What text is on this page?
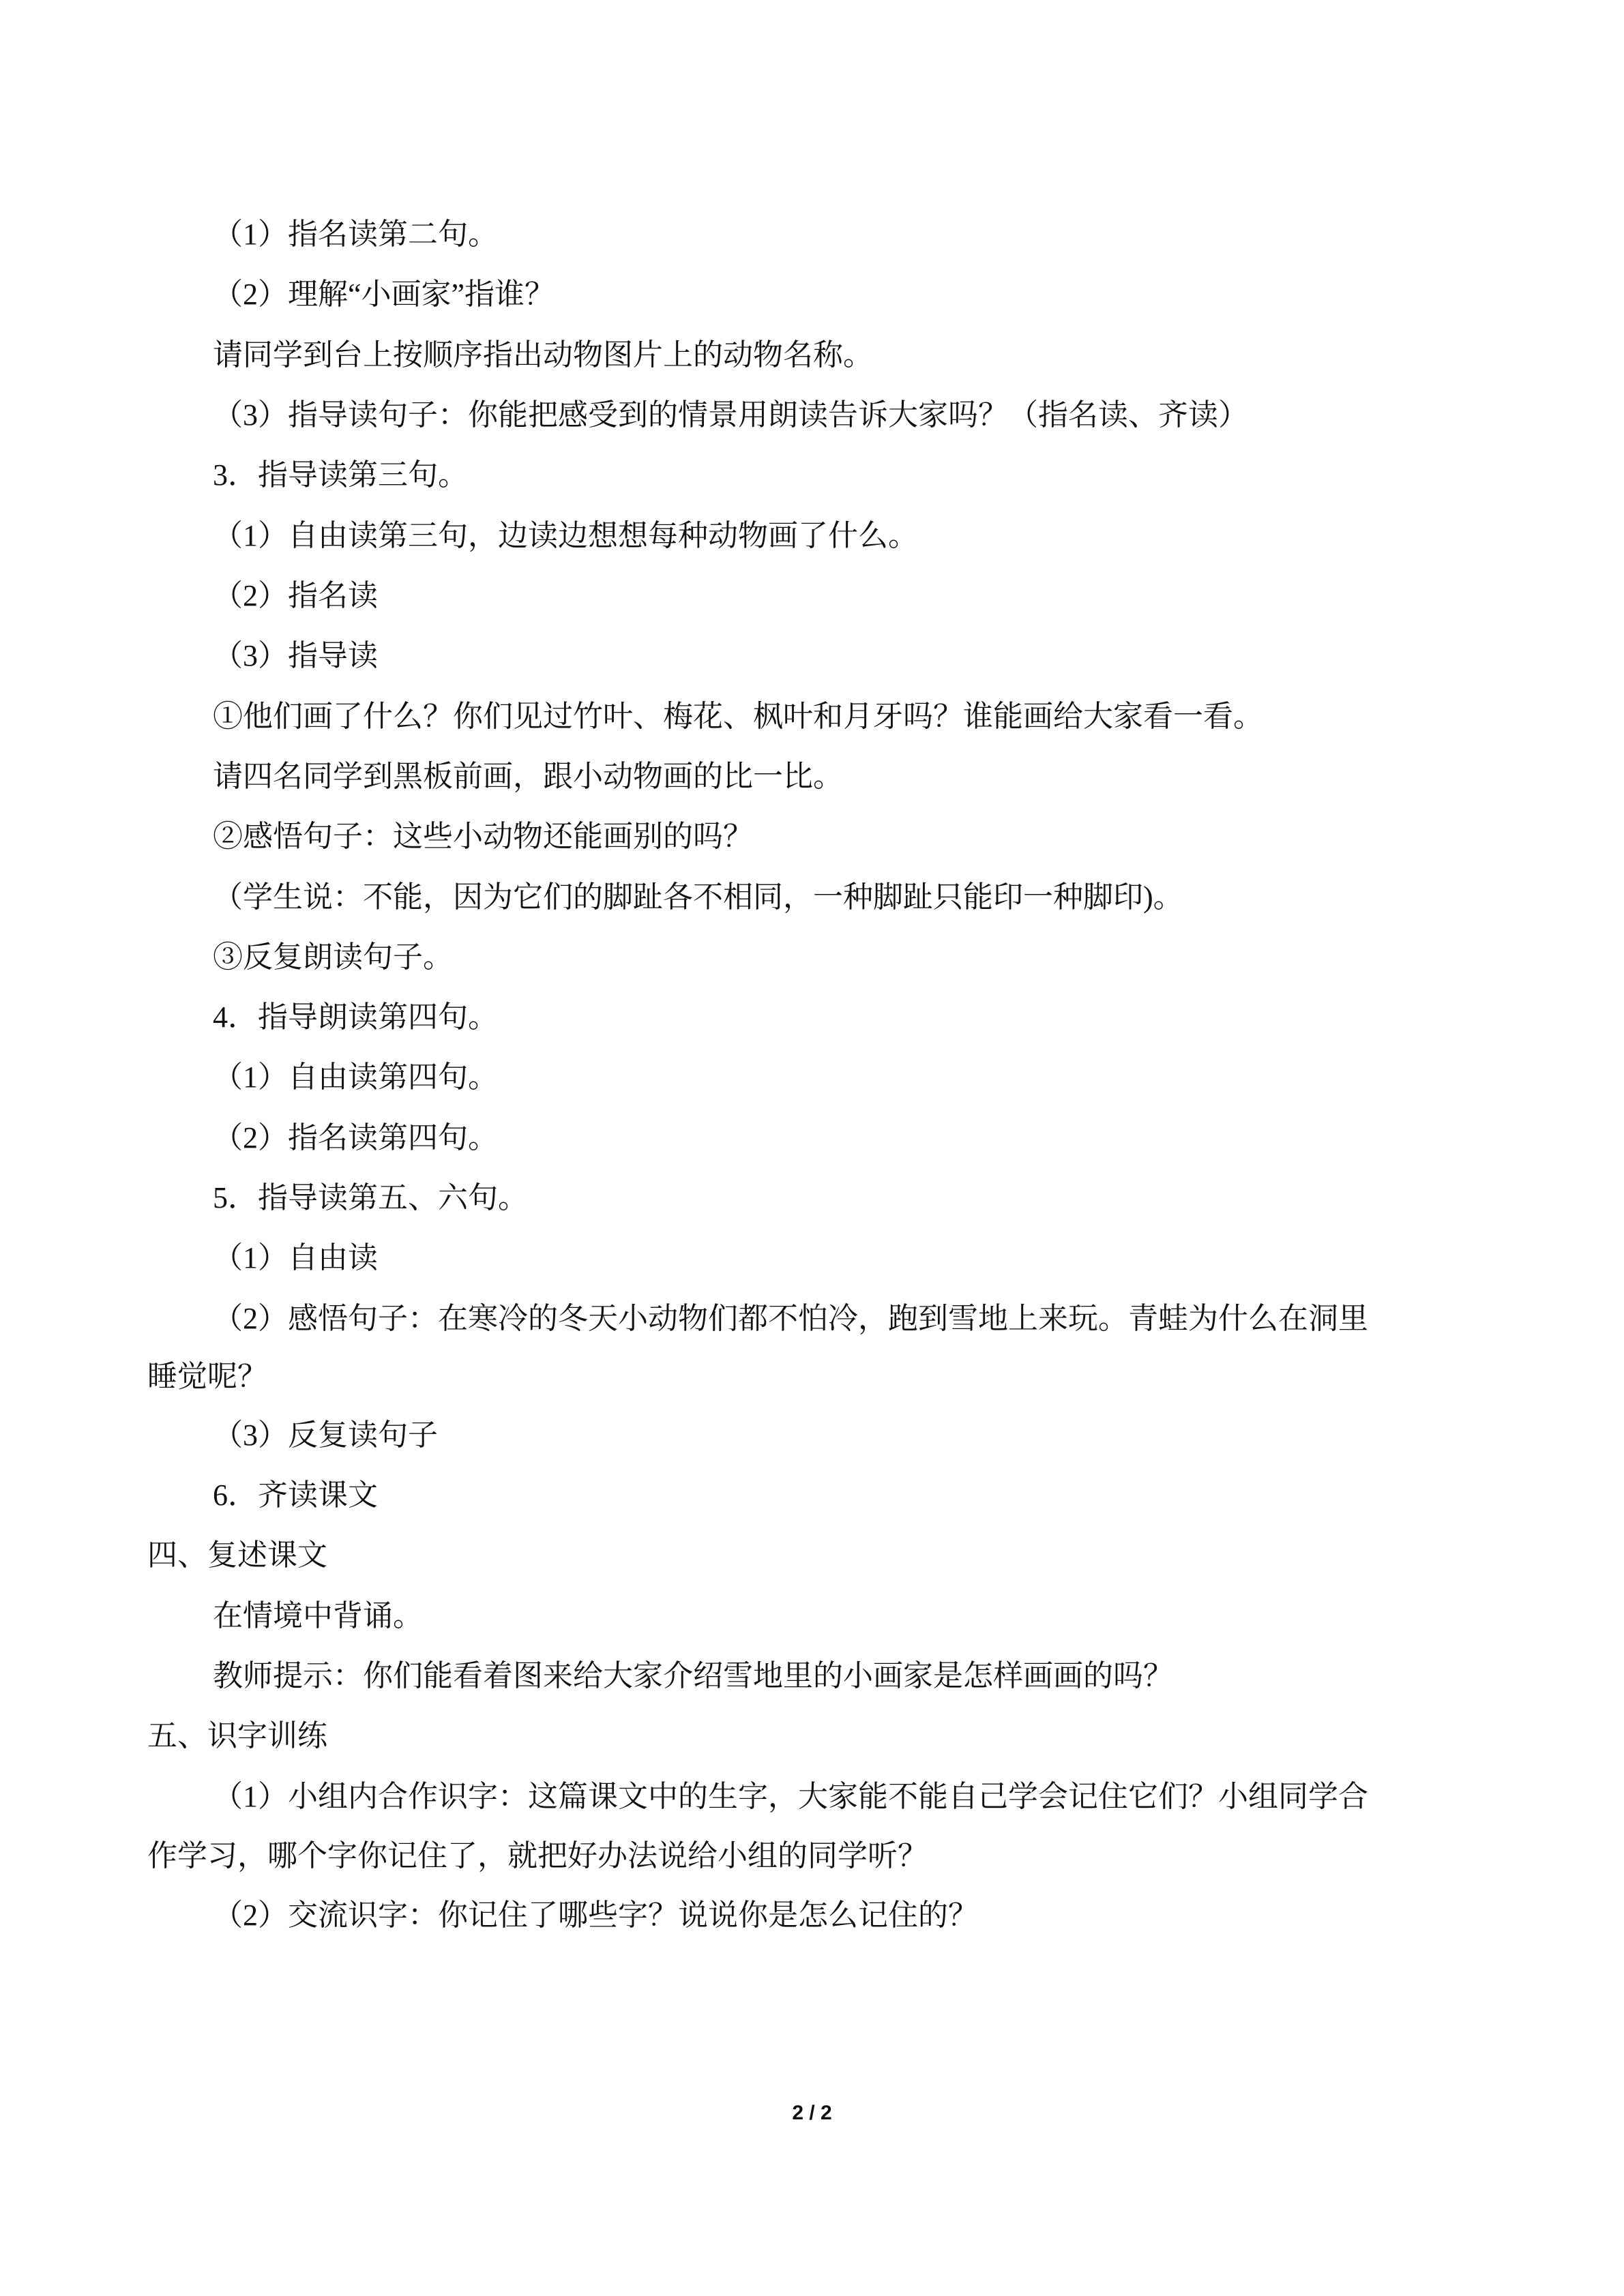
（1）指名读第二句。
（2）理解“小画家”指谁？
请同学到台上按顺序指出动物图片上的动物名称。
（3）指导读句子：你能把感受到的情景用朗读告诉大家吗？（指名读、齐读）
3．指导读第三句。
（1）自由读第三句，边读边想想每种动物画了什么。
（2）指名读
（3）指导读
①他们画了什么？你们见过竹叶、梅花、枫叶和月牙吗？谁能画给大家看一看。
请四名同学到黑板前画，跟小动物画的比一比。
②感悟句子：这些小动物还能画别的吗？
（学生说：不能，因为它们的脚趾各不相同，一种脚趾只能印一种脚印)。
③反复朗读句子。
4．指导朗读第四句。
（1）自由读第四句。
（2）指名读第四句。
5．指导读第五、六句。
（1）自由读
（2）感悟句子：在寒冷的冬天小动物们都不怕冷，跑到雪地上来玩。青蛙为什么在洞里
睡觉呢？
（3）反复读句子
6．齐读课文
四、复述课文
在情境中背诵。
教师提示：你们能看着图来给大家介绍雪地里的小画家是怎样画画的吗？
五、识字训练
（1）小组内合作识字：这篇课文中的生字，大家能不能自己学会记住它们？小组同学合
作学习，哪个字你记住了，就把好办法说给小组的同学听？
（2）交流识字：你记住了哪些字？说说你是怎么记住的？
2 / 2
